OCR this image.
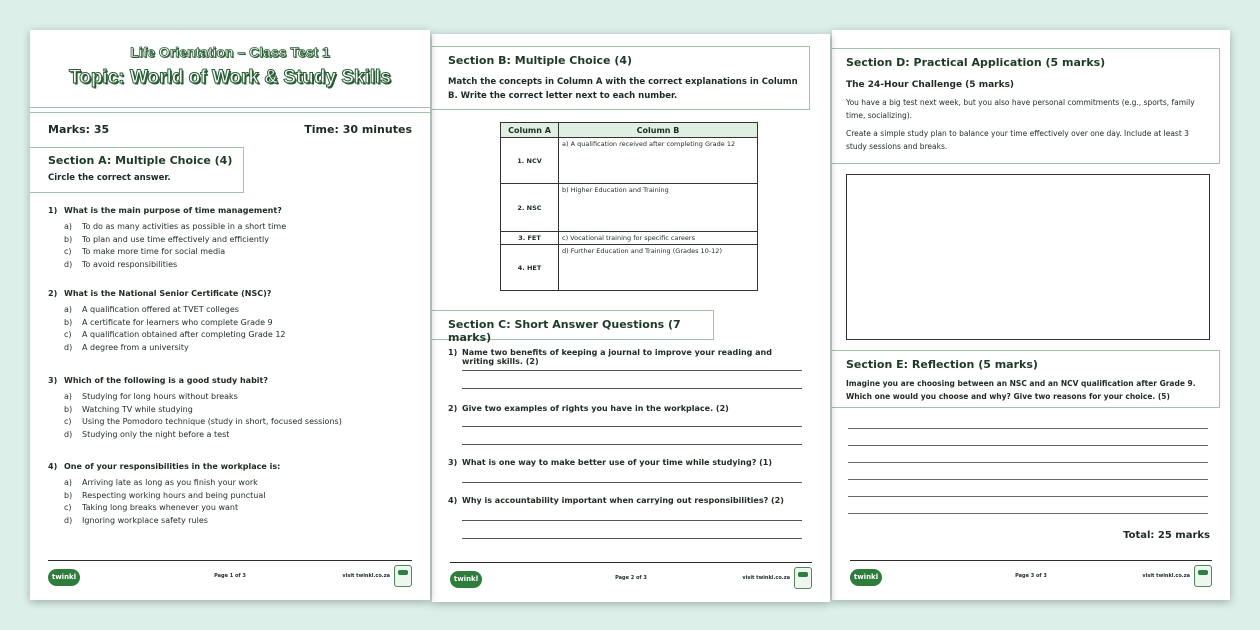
Life Orientation – Class Test 1
Topic: World of Work & Study Skills
Marks: 35	Time: 30 minutes
Section A: Multiple Choice (4)
Circle the correct answer.
1) What is the main purpose of time management?
a)	To do as many activities as possible in a short time
b)	To plan and use time effectively and efficiently
c)	To make more time for social media
d)	To avoid responsibilities
2) What is the National Senior Certificate (NSC)?
a)	A qualification offered at TVET colleges
b)	A certificate for learners who complete Grade 9
c)	A qualification obtained after completing Grade 12
d)	A degree from a university
3) Which of the following is a good study habit?
a)	Studying for long hours without breaks
b)	Watching TV while studying
c)	Using the Pomodoro technique (study in short, focused sessions)
d)	Studying only the night before a test
4) One of your responsibilities in the workplace is:
a)	Arriving late as long as you finish your work
b)	Respecting working hours and being punctual
c)	Taking long breaks whenever you want
d)	Ignoring workplace safety rules
twinkl	Page 1 of 3	visit twinkl.co.za
Section B: Multiple Choice (4)
Match the concepts in Column A with the correct explanations in Column B. Write the correct letter next to each number.
Column A	Column B
1. NCV	a) A qualification received after completing Grade 12
2. NSC	b) Higher Education and Training
3. FET	c) Vocational training for specific careers
4. HET	d) Further Education and Training (Grades 10-12)
Section C: Short Answer Questions (7 marks)
1) Name two benefits of keeping a journal to improve your reading and writing skills. (2)
2) Give two examples of rights you have in the workplace. (2)
3) What is one way to make better use of your time while studying? (1)
4) Why is accountability important when carrying out responsibilities? (2)
twinkl	Page 2 of 3	visit twinkl.co.za
Section D: Practical Application (5 marks)
The 24-Hour Challenge (5 marks)
You have a big test next week, but you also have personal commitments (e.g., sports, family time, socializing).
Create a simple study plan to balance your time effectively over one day. Include at least 3 study sessions and breaks.
Section E: Reflection (5 marks)
Imagine you are choosing between an NSC and an NCV qualification after Grade 9. Which one would you choose and why? Give two reasons for your choice. (5)
Total: 25 marks
twinkl	Page 3 of 3	visit twinkl.co.za
